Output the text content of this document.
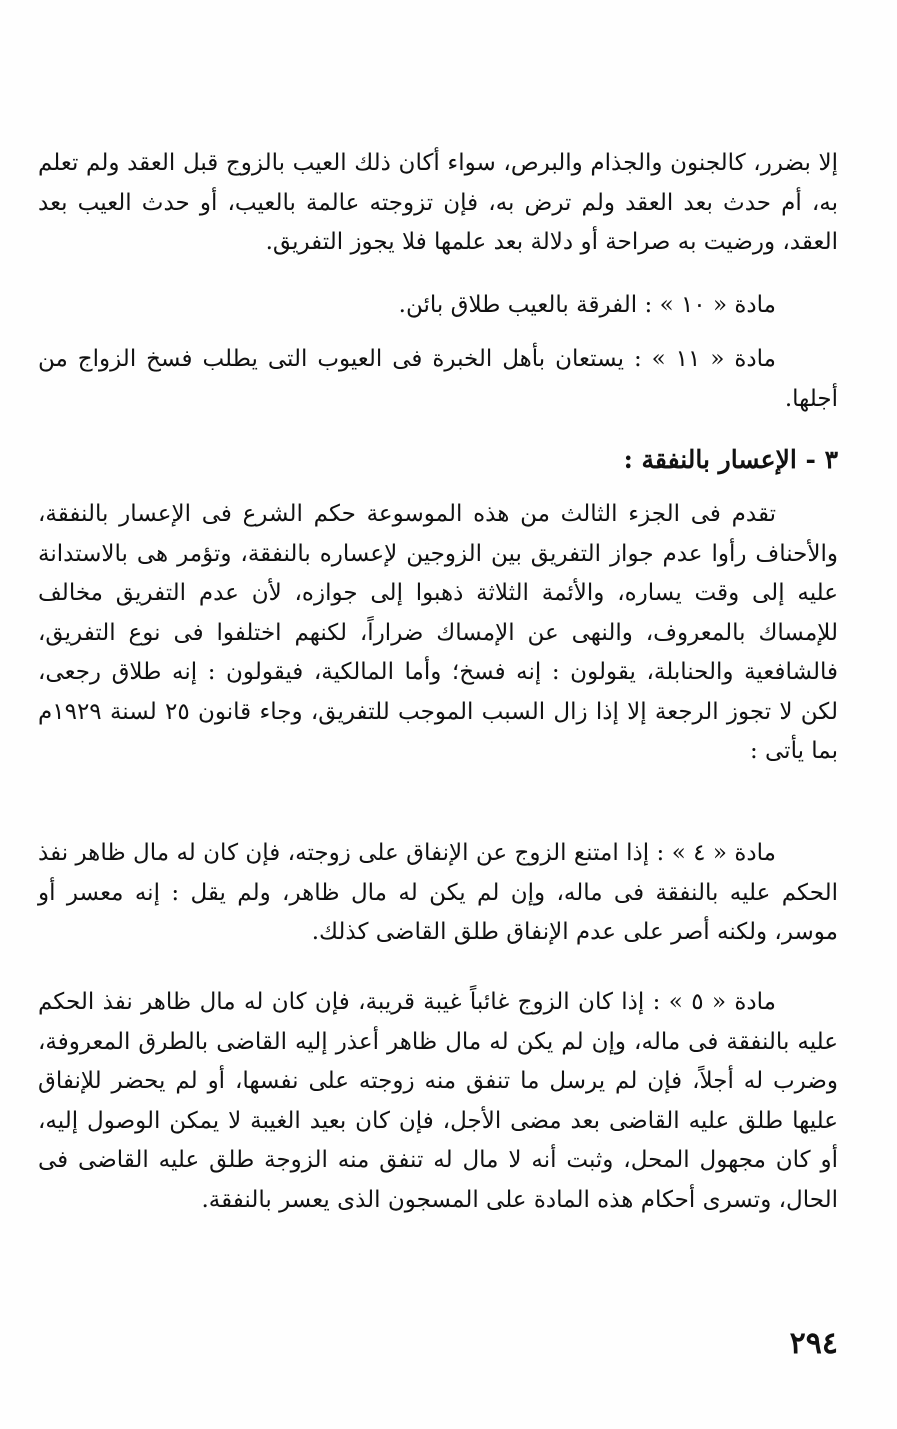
إلا بضرر، كالجنون والجذام والبرص، سواء أكان ذلك العيب بالزوج قبل العقد ولم تعلم به، أم حدث بعد العقد ولم ترض به، فإن تزوجته عالمة بالعيب، أو حدث العيب بعد العقد، ورضيت به صراحة أو دلالة بعد علمها فلا يجوز التفريق.

مادة « ١٠ » : الفرقة بالعيب طلاق بائن.

مادة « ١١ » : يستعان بأهل الخبرة فى العيوب التى يطلب فسخ الزواج من أجلها.

٣ - الإعسار بالنفقة :

تقدم فى الجزء الثالث من هذه الموسوعة حكم الشرع فى الإعسار بالنفقة، والأحناف رأوا عدم جواز التفريق بين الزوجين لإعساره بالنفقة، وتؤمر هى بالاستدانة عليه إلى وقت يساره، والأئمة الثلاثة ذهبوا إلى جوازه، لأن عدم التفريق مخالف للإمساك بالمعروف، والنهى عن الإمساك ضراراً، لكنهم اختلفوا فى نوع التفريق، فالشافعية والحنابلة، يقولون : إنه فسخ؛ وأما المالكية، فيقولون : إنه طلاق رجعى، لكن لا تجوز الرجعة إلا إذا زال السبب الموجب للتفريق، وجاء قانون ٢٥ لسنة ١٩٢٩م بما يأتى :

مادة « ٤ » : إذا امتنع الزوج عن الإنفاق على زوجته، فإن كان له مال ظاهر نفذ الحكم عليه بالنفقة فى ماله، وإن لم يكن له مال ظاهر، ولم يقل : إنه معسر أو موسر، ولكنه أصر على عدم الإنفاق طلق القاضى كذلك.

مادة « ٥ » : إذا كان الزوج غائباً غيبة قريبة، فإن كان له مال ظاهر نفذ الحكم عليه بالنفقة فى ماله، وإن لم يكن له مال ظاهر أعذر إليه القاضى بالطرق المعروفة، وضرب له أجلاً، فإن لم يرسل ما تنفق منه زوجته على نفسها، أو لم يحضر للإنفاق عليها طلق عليه القاضى بعد مضى الأجل، فإن كان بعيد الغيبة لا يمكن الوصول إليه، أو كان مجهول المحل، وثبت أنه لا مال له تنفق منه الزوجة طلق عليه القاضى فى الحال، وتسرى أحكام هذه المادة على المسجون الذى يعسر بالنفقة.

٢٩٤
